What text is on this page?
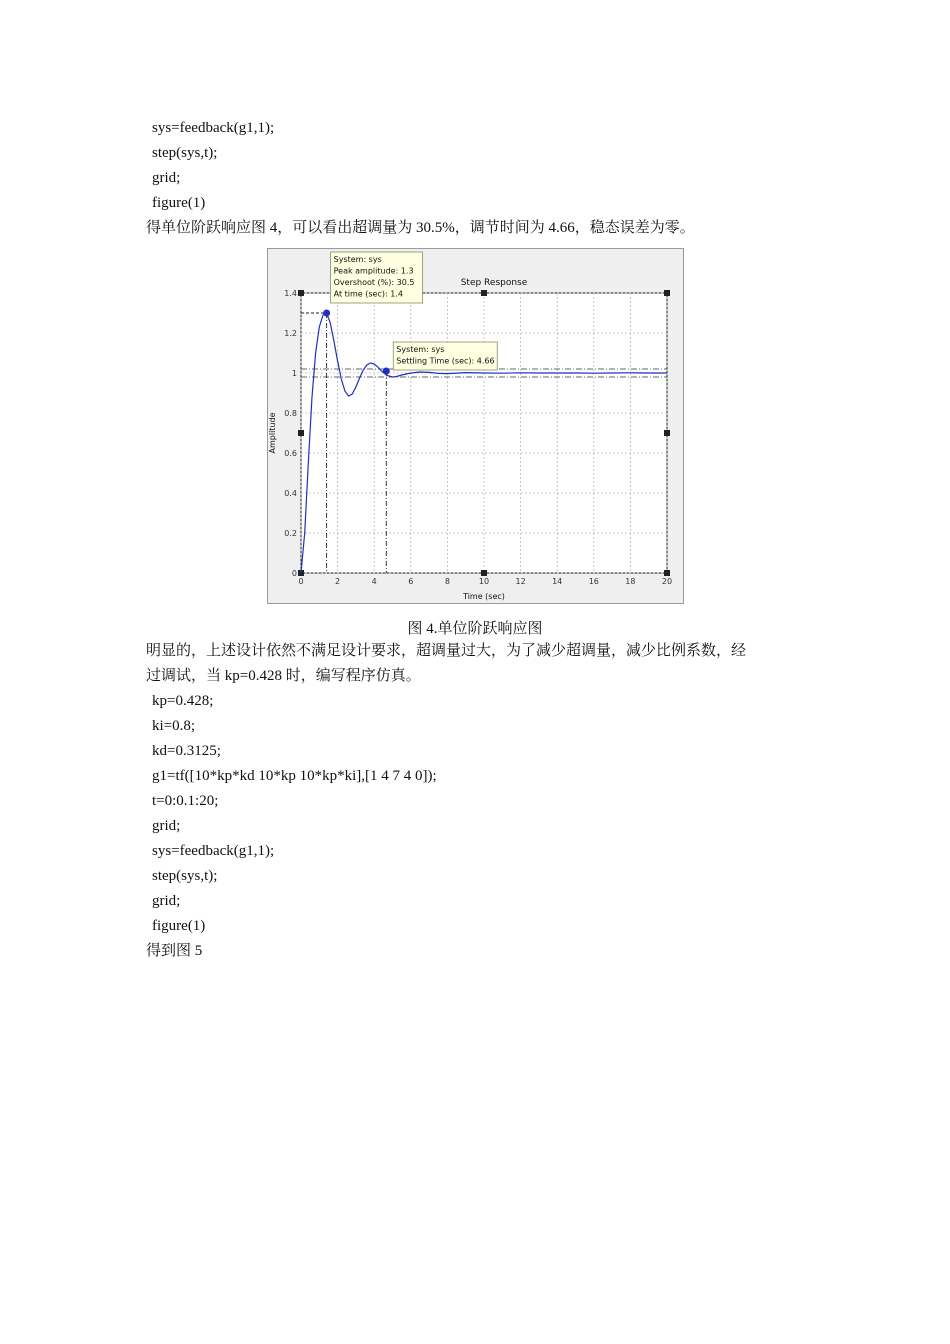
sys=feedback(g1,1);
step(sys,t);
grid;
figure(1)
得单位阶跃响应图 4，可以看出超调量为 30.5%，调节时间为 4.66，稳态误差为零。
0	2	4	6	8	10	12	14	16	18	20
0
0.2
0.4
0.6
0.8
1
1.2
1.4
System: sys
Peak amplitude: 1.3
Overshoot (%): 30.5
At time (sec): 1.4
System: sys
Settling Time (sec): 4.66
Step Response
Time (sec)
Amplitude
图 4.单位阶跃响应图
明显的，上述设计依然不满足设计要求，超调量过大，为了减少超调量，减少比例系数，经
过调试，当 kp=0.428 时，编写程序仿真。
kp=0.428;
ki=0.8;
kd=0.3125;
g1=tf([10*kp*kd 10*kp 10*kp*ki],[1 4 7 4 0]);
t=0:0.1:20;
grid;
sys=feedback(g1,1);
step(sys,t);
grid;
figure(1)
得到图 5
